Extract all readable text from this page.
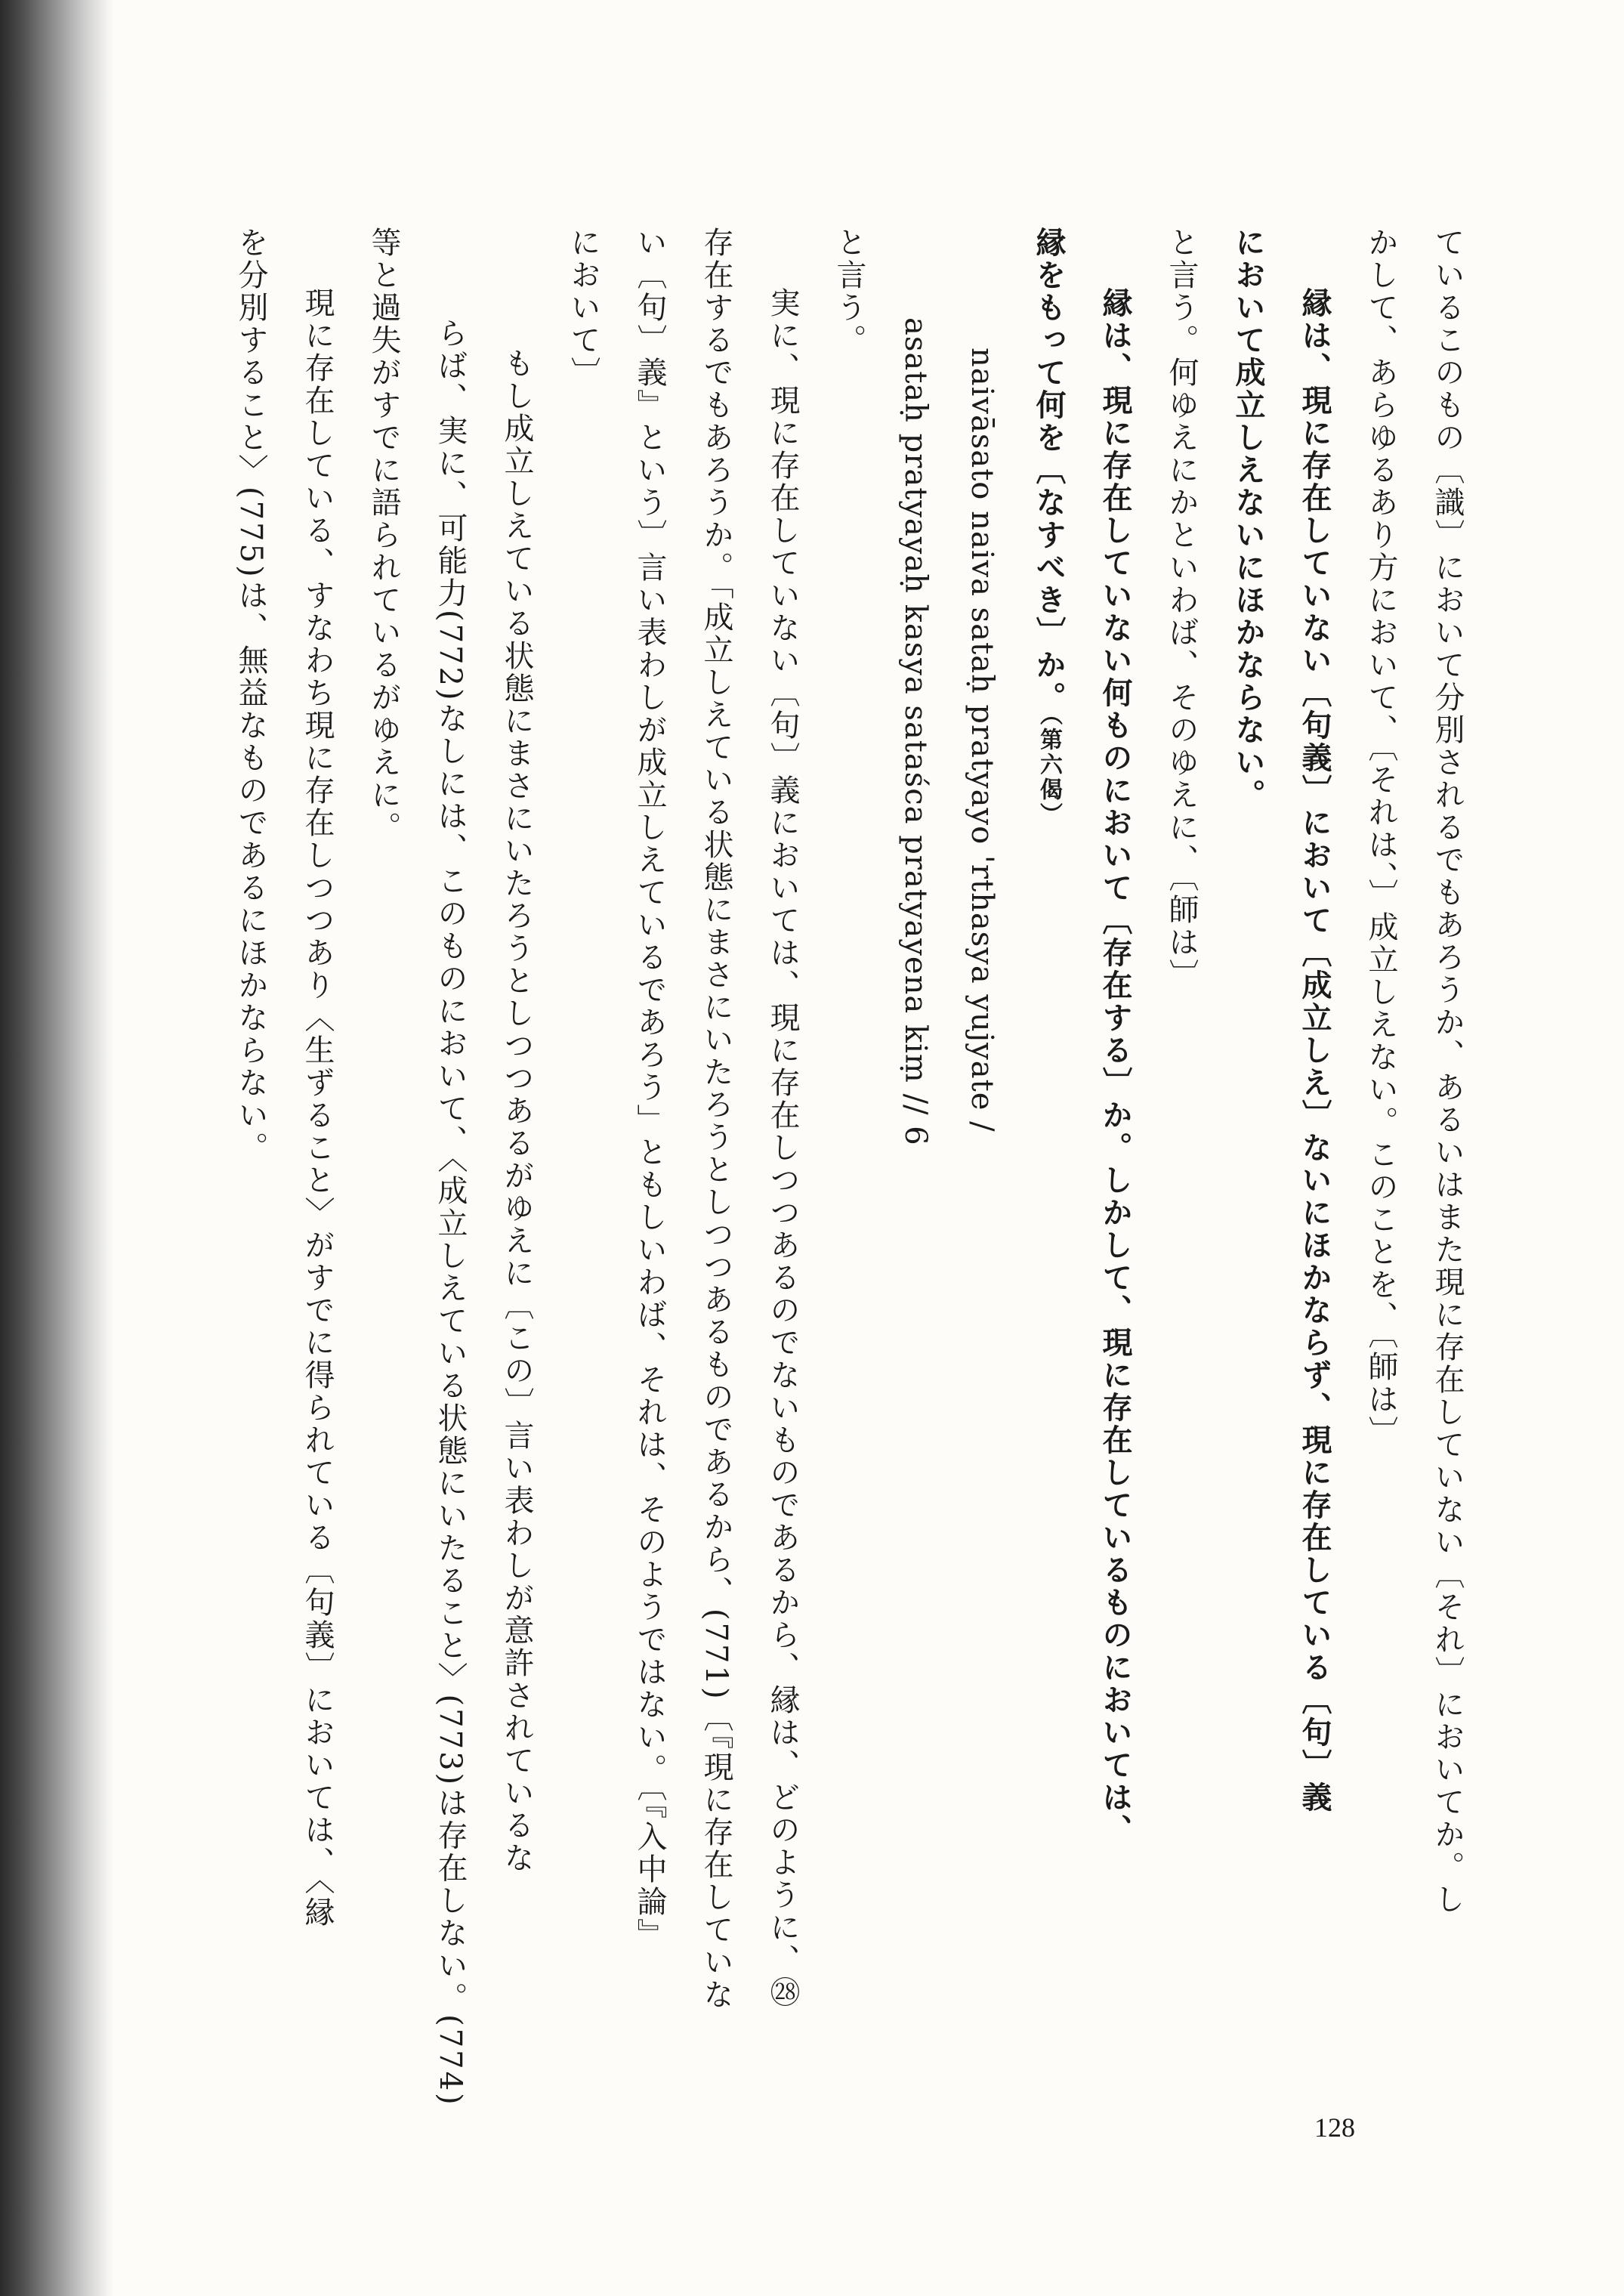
ているこのもの〔識〕において分別されるでもあろうか、あるいはまた現に存在していない〔それ〕においてか。し
かして、あらゆるあり方において、〔それは、〕成立しえない。このことを、〔師は〕
縁は、現に存在していない〔句義〕において〔成立しえ〕ないにほかならず、現に存在している〔句〕義
において成立しえないにほかならない。
と言う。何ゆえにかといわば、そのゆえに、〔師は〕
縁は、現に存在していない何ものにおいて〔存在する〕か。しかして、現に存在しているものにおいては、
縁をもって何を〔なすべき〕か。（第六偈）
naivāsato naiva sataḥ pratyayo 'rthasya yujyate /
asataḥ pratyayaḥ kasya sataśca pratyayena kiṃ // 6
と言う。
実に、現に存在していない〔句〕義においては、現に存在しつつあるのでないものであるから、縁は、どのように、㉘
存在するでもあろうか。「成立しえている状態にまさにいたろうとしつつあるものであるから、(771)〔『現に存在していな
い〔句〕義』という〕言い表わしが成立しえているであろう」ともしいわば、それは、そのようではない。〔『入中論』
において〕
もし成立しえている状態にまさにいたろうとしつつあるがゆえに〔この〕言い表わしが意許されているな
らば、実に、可能力(772)なしには、このものにおいて、〈成立しえている状態にいたること〉(773)は存在しない。(774)
等と過失がすでに語られているがゆえに。
現に存在している、すなわち現に存在しつつあり〈生ずること〉がすでに得られている〔句義〕においては、〈縁
を分別すること〉(775)は、無益なものであるにほかならない。
128
